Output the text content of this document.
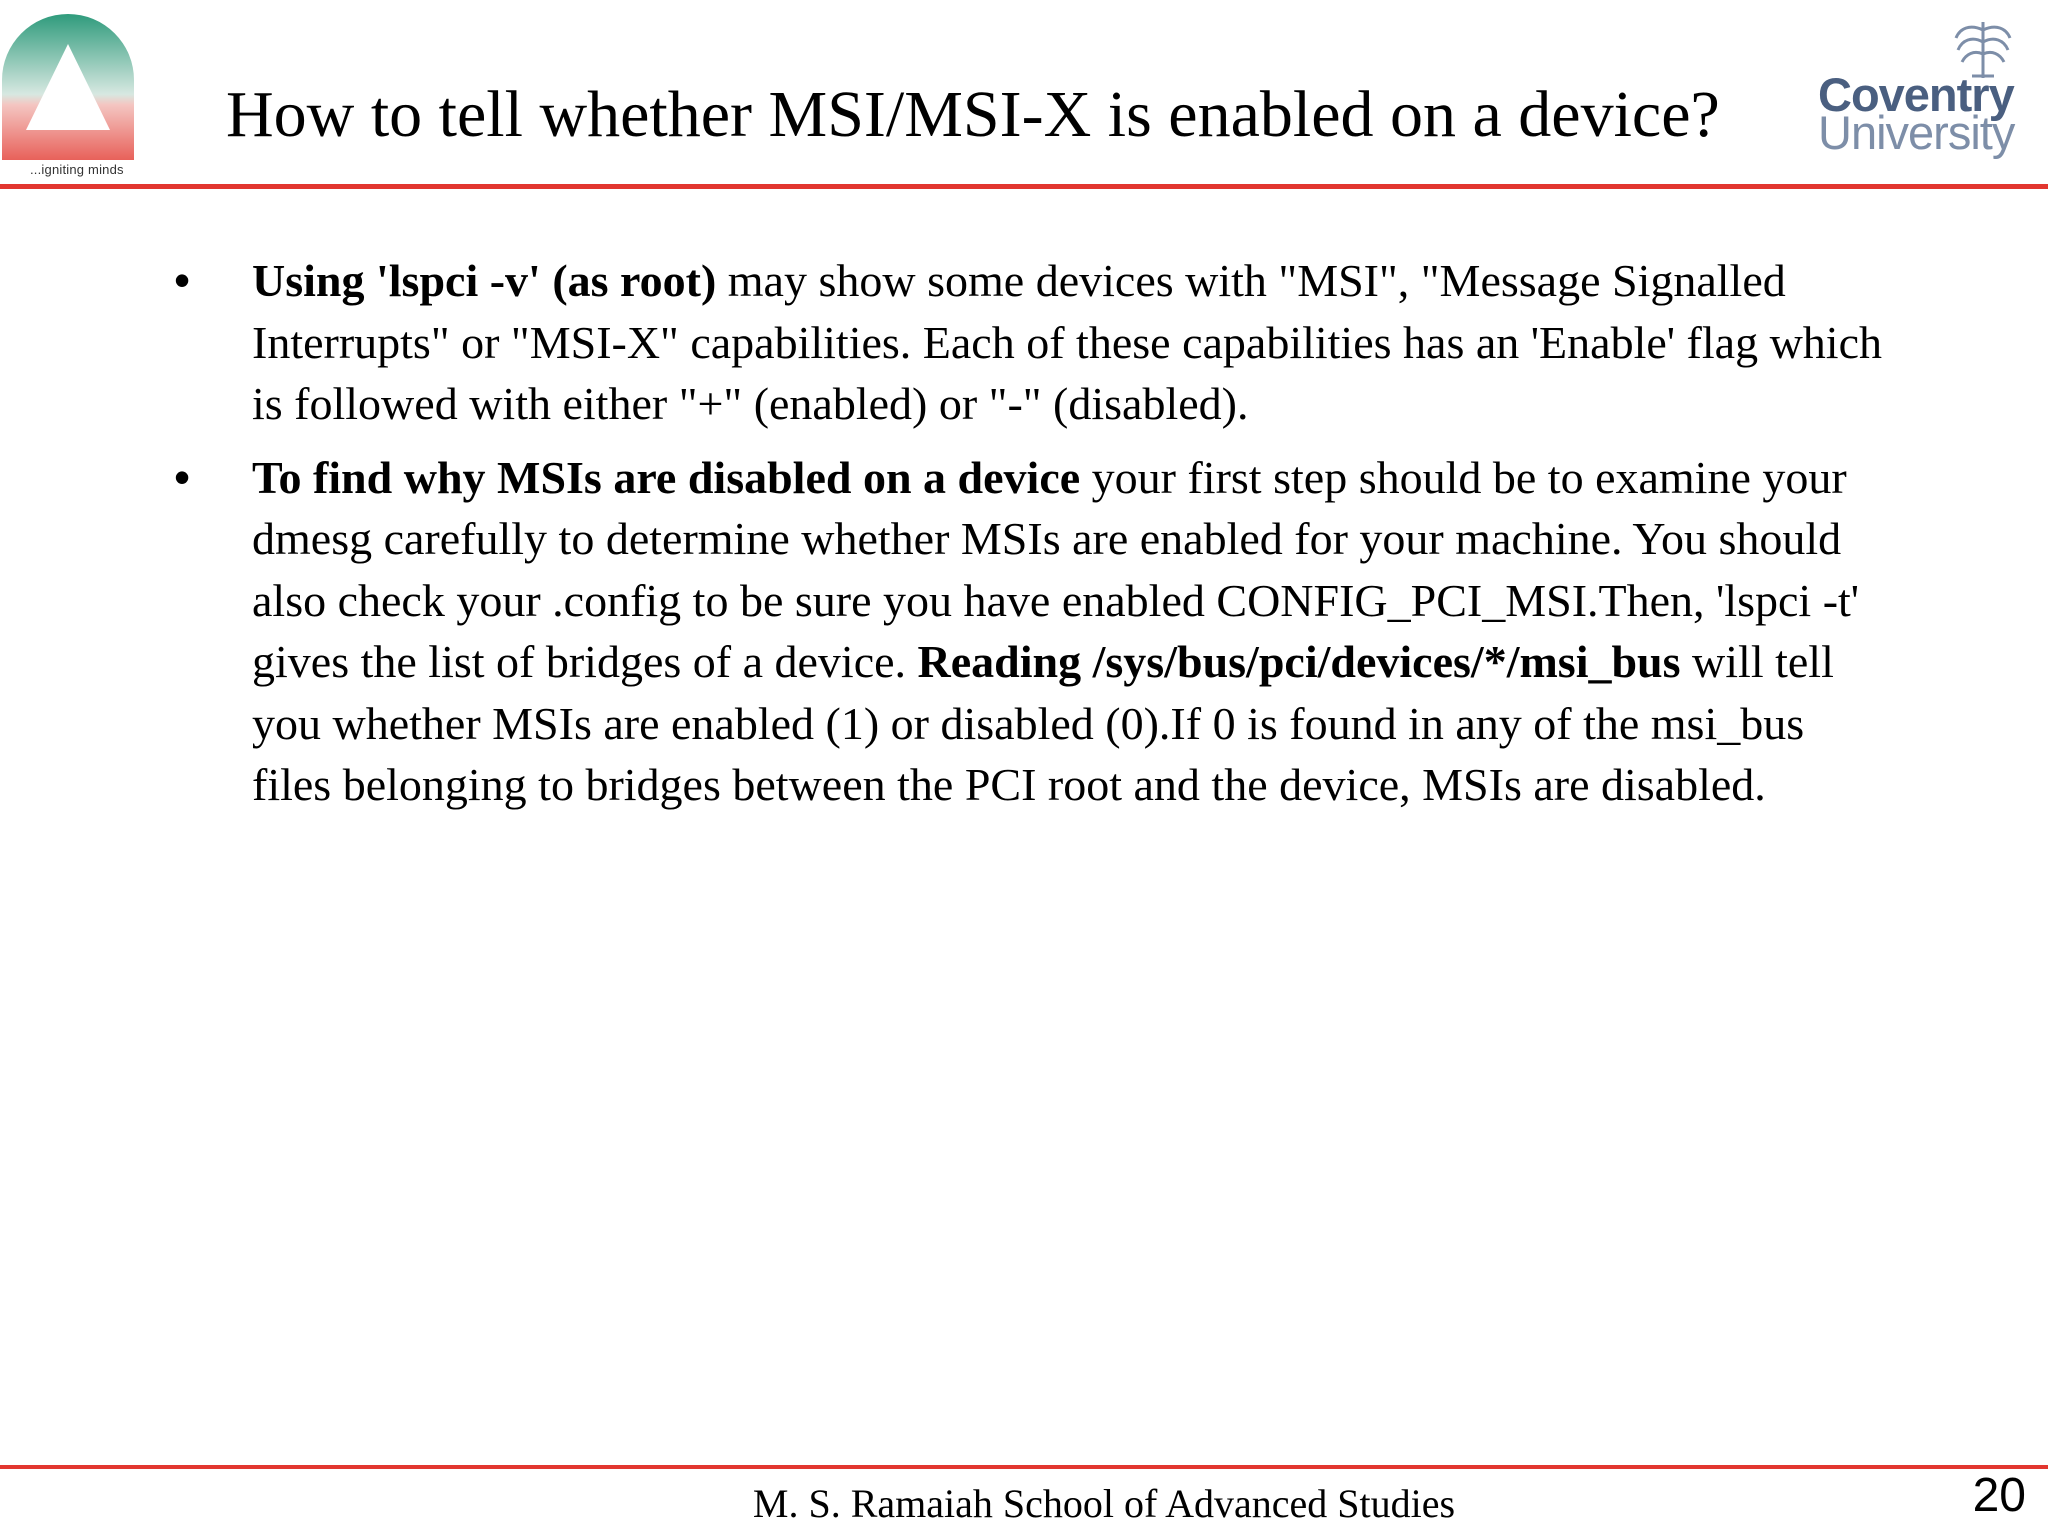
...igniting minds
How to tell whether MSI/MSI-X is enabled on a device?	Coventry
University
• Using 'lspci -v' (as root) may show some devices with "MSI", "Message Signalled Interrupts" or "MSI-X" capabilities. Each of these capabilities has an 'Enable' flag which is followed with either "+" (enabled) or "-" (disabled).
• To find why MSIs are disabled on a device your first step should be to examine your dmesg carefully to determine whether MSIs are enabled for your machine. You should also check your .config to be sure you have enabled CONFIG_PCI_MSI.Then, 'lspci -t' gives the list of bridges of a device. Reading /sys/bus/pci/devices/*/msi_bus will tell you whether MSIs are enabled (1) or disabled (0).If 0 is found in any of the msi_bus files belonging to bridges between the PCI root and the device, MSIs are disabled.
M. S. Ramaiah School of Advanced Studies	20
